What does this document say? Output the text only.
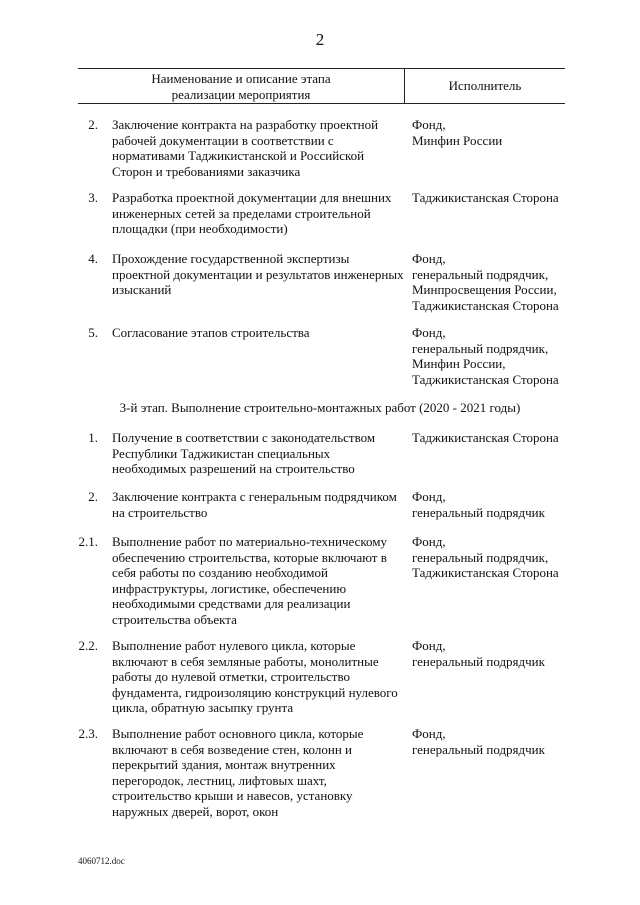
2
Наименование и описание этапа
реализации мероприятия
Исполнитель
2. Заключение контракта на разработку проектной
рабочей документации в соответствии с
нормативами Таджикистанской и Российской
Сторон и требованиями заказчика
Фонд,
Минфин России
3. Разработка проектной документации для внешних
инженерных сетей за пределами строительной
площадки (при необходимости)
Таджикистанская Сторона
4. Прохождение государственной экспертизы
проектной документации и результатов инженерных
изысканий
Фонд,
генеральный подрядчик,
Минпросвещения России,
Таджикистанская Сторона
5. Согласование этапов строительства	Фонд,
генеральный подрядчик,
Минфин России,
Таджикистанская Сторона
3-й этап. Выполнение строительно-монтажных работ (2020 - 2021 годы)
1. Получение в соответствии с законодательством
Республики Таджикистан специальных
необходимых разрешений на строительство
Таджикистанская Сторона
2. Заключение контракта с генеральным подрядчиком
на строительство
Фонд,
генеральный подрядчик
2.1. Выполнение работ по материально-техническому
обеспечению строительства, которые включают в
себя работы по созданию необходимой
инфраструктуры, логистике, обеспечению
необходимыми средствами для реализации
строительства объекта
Фонд,
генеральный подрядчик,
Таджикистанская Сторона
2.2. Выполнение работ нулевого цикла, которые
включают в себя земляные работы, монолитные
работы до нулевой отметки, строительство
фундамента, гидроизоляцию конструкций нулевого
цикла, обратную засыпку грунта
Фонд,
генеральный подрядчик
2.3. Выполнение работ основного цикла, которые
включают в себя возведение стен, колонн и
перекрытий здания, монтаж внутренних
перегородок, лестниц, лифтовых шахт,
строительство крыши и навесов, установку
наружных дверей, ворот, окон
Фонд,
генеральный подрядчик
4060712.doc
